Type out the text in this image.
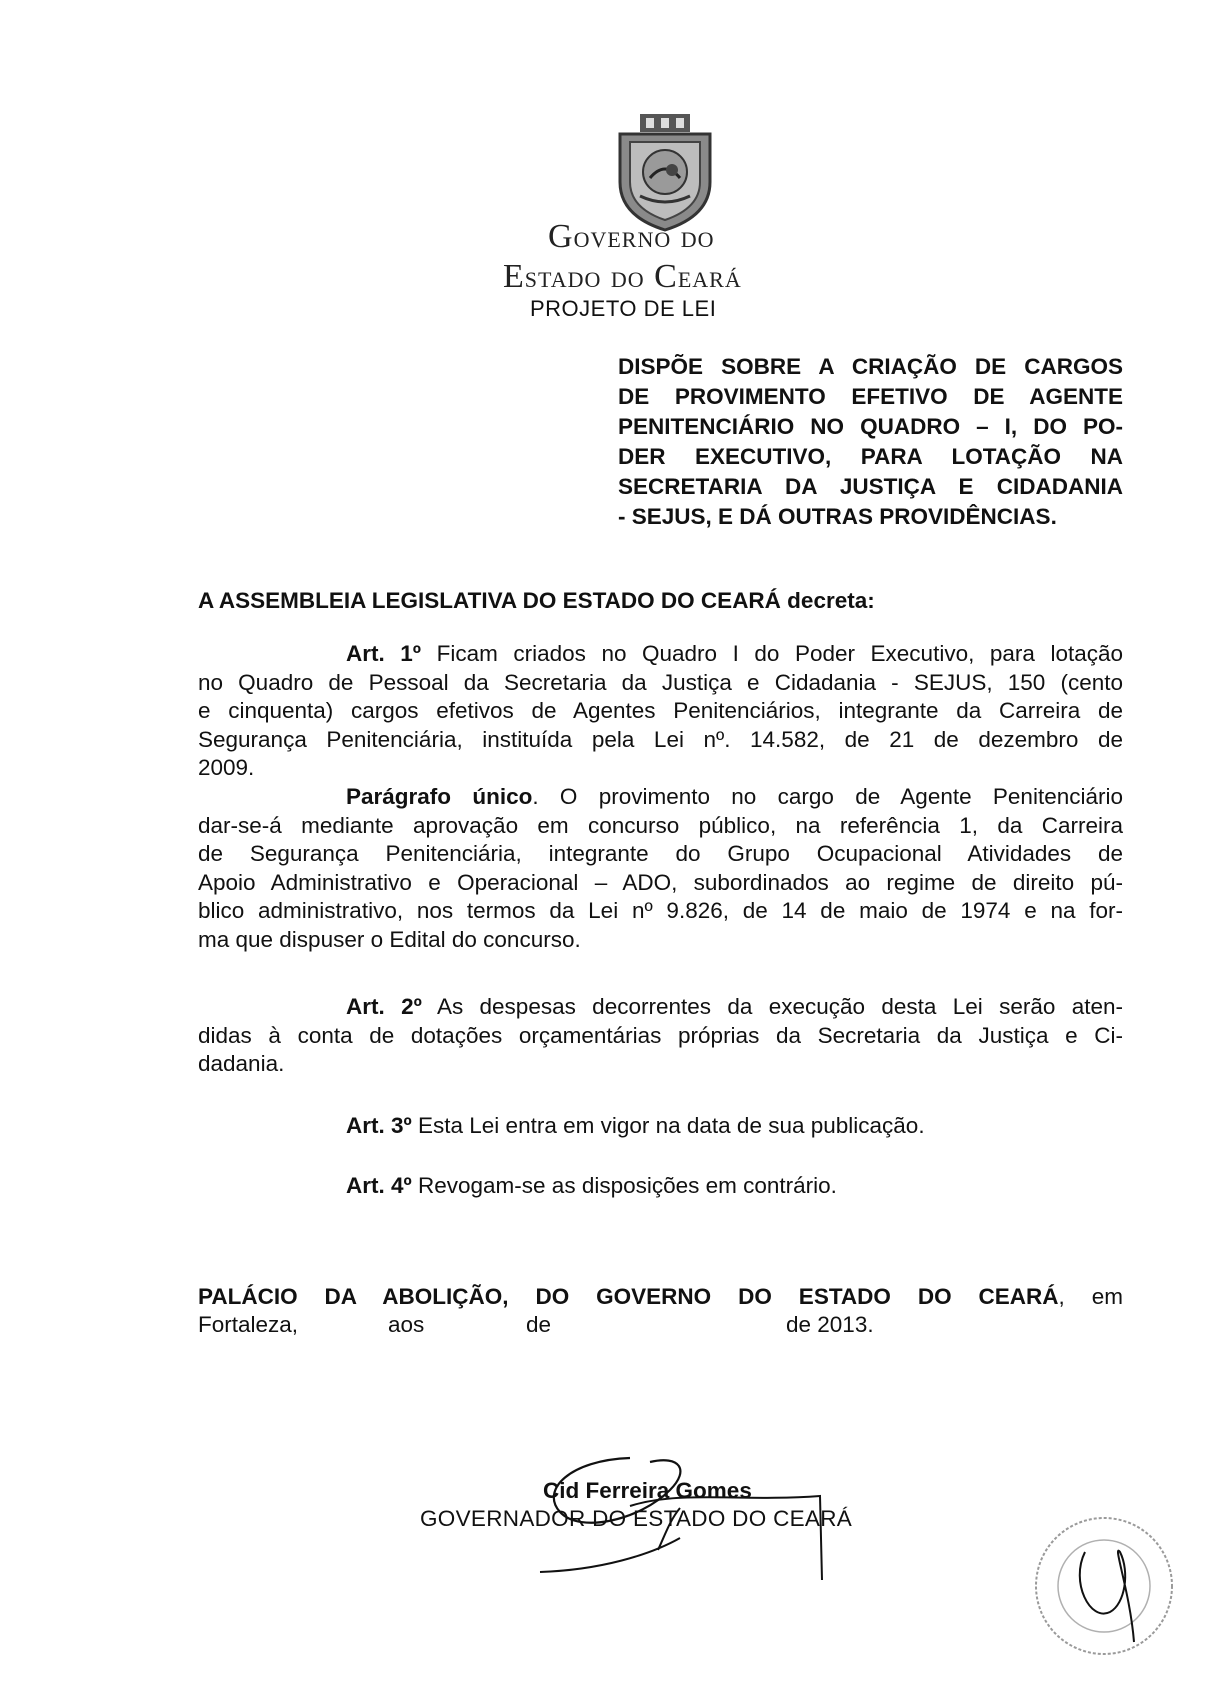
GOVERNO DO
ESTADO DO CEARÁ
PROJETO DE LEI
DISPÕE SOBRE A CRIAÇÃO DE CARGOS
DE PROVIMENTO EFETIVO DE AGENTE
PENITENCIÁRIO NO QUADRO – I, DO PO-
DER EXECUTIVO, PARA LOTAÇÃO NA
SECRETARIA DA JUSTIÇA E CIDADANIA
- SEJUS, E DÁ OUTRAS PROVIDÊNCIAS.
A ASSEMBLEIA LEGISLATIVA DO ESTADO DO CEARÁ decreta:
Art. 1º Ficam criados no Quadro I do Poder Executivo, para lotação
no Quadro de Pessoal da Secretaria da Justiça e Cidadania - SEJUS, 150 (cento
e cinquenta) cargos efetivos de Agentes Penitenciários, integrante da Carreira de
Segurança Penitenciária, instituída pela Lei nº. 14.582, de 21 de dezembro de
2009.
Parágrafo único. O provimento no cargo de Agente Penitenciário
dar-se-á mediante aprovação em concurso público, na referência 1, da Carreira
de Segurança Penitenciária, integrante do Grupo Ocupacional Atividades de
Apoio Administrativo e Operacional – ADO, subordinados ao regime de direito pú-
blico administrativo, nos termos da Lei nº 9.826, de 14 de maio de 1974 e na for-
ma que dispuser o Edital do concurso.
Art. 2º As despesas decorrentes da execução desta Lei serão aten-
didas à conta de dotações orçamentárias próprias da Secretaria da Justiça e Ci-
dadania.
Art. 3º Esta Lei entra em vigor na data de sua publicação.
Art. 4º Revogam-se as disposições em contrário.
PALÁCIO DA ABOLIÇÃO, DO GOVERNO DO ESTADO DO CEARÁ, em
Fortaleza,	aos	de	de 2013.
Cid Ferreira Gomes
GOVERNADOR DO ESTADO DO CEARÁ
